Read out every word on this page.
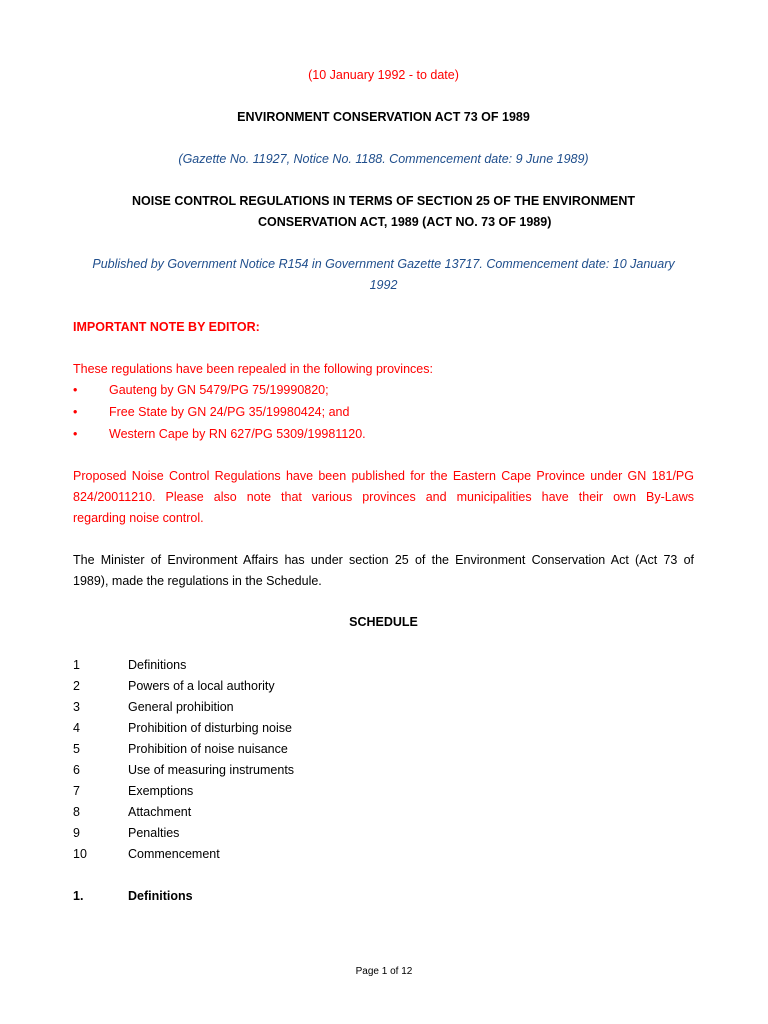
(10 January 1992 - to date)
ENVIRONMENT CONSERVATION ACT 73 OF 1989
(Gazette No. 11927, Notice No. 1188. Commencement date: 9 June 1989)
NOISE CONTROL REGULATIONS IN TERMS OF SECTION 25 OF THE ENVIRONMENT
CONSERVATION ACT, 1989 (ACT NO. 73 OF 1989)
Published by Government Notice R154 in Government Gazette 13717. Commencement date: 10 January
1992
IMPORTANT NOTE BY EDITOR:
These regulations have been repealed in the following provinces:
•	Gauteng by GN 5479/PG 75/19990820;
•	Free State by GN 24/PG 35/19980424; and
•	Western Cape by RN 627/PG 5309/19981120.
Proposed Noise Control Regulations have been published for the Eastern Cape Province under GN 181/PG
824/20011210. Please also note that various provinces and municipalities have their own By-Laws
regarding noise control.
The Minister of Environment Affairs has under section 25 of the Environment Conservation Act (Act 73 of
1989), made the regulations in the Schedule.
SCHEDULE
1	Definitions
2	Powers of a local authority
3	General prohibition
4	Prohibition of disturbing noise
5	Prohibition of noise nuisance
6	Use of measuring instruments
7	Exemptions
8	Attachment
9	Penalties
10	Commencement
1.	Definitions
Page 1 of 12
